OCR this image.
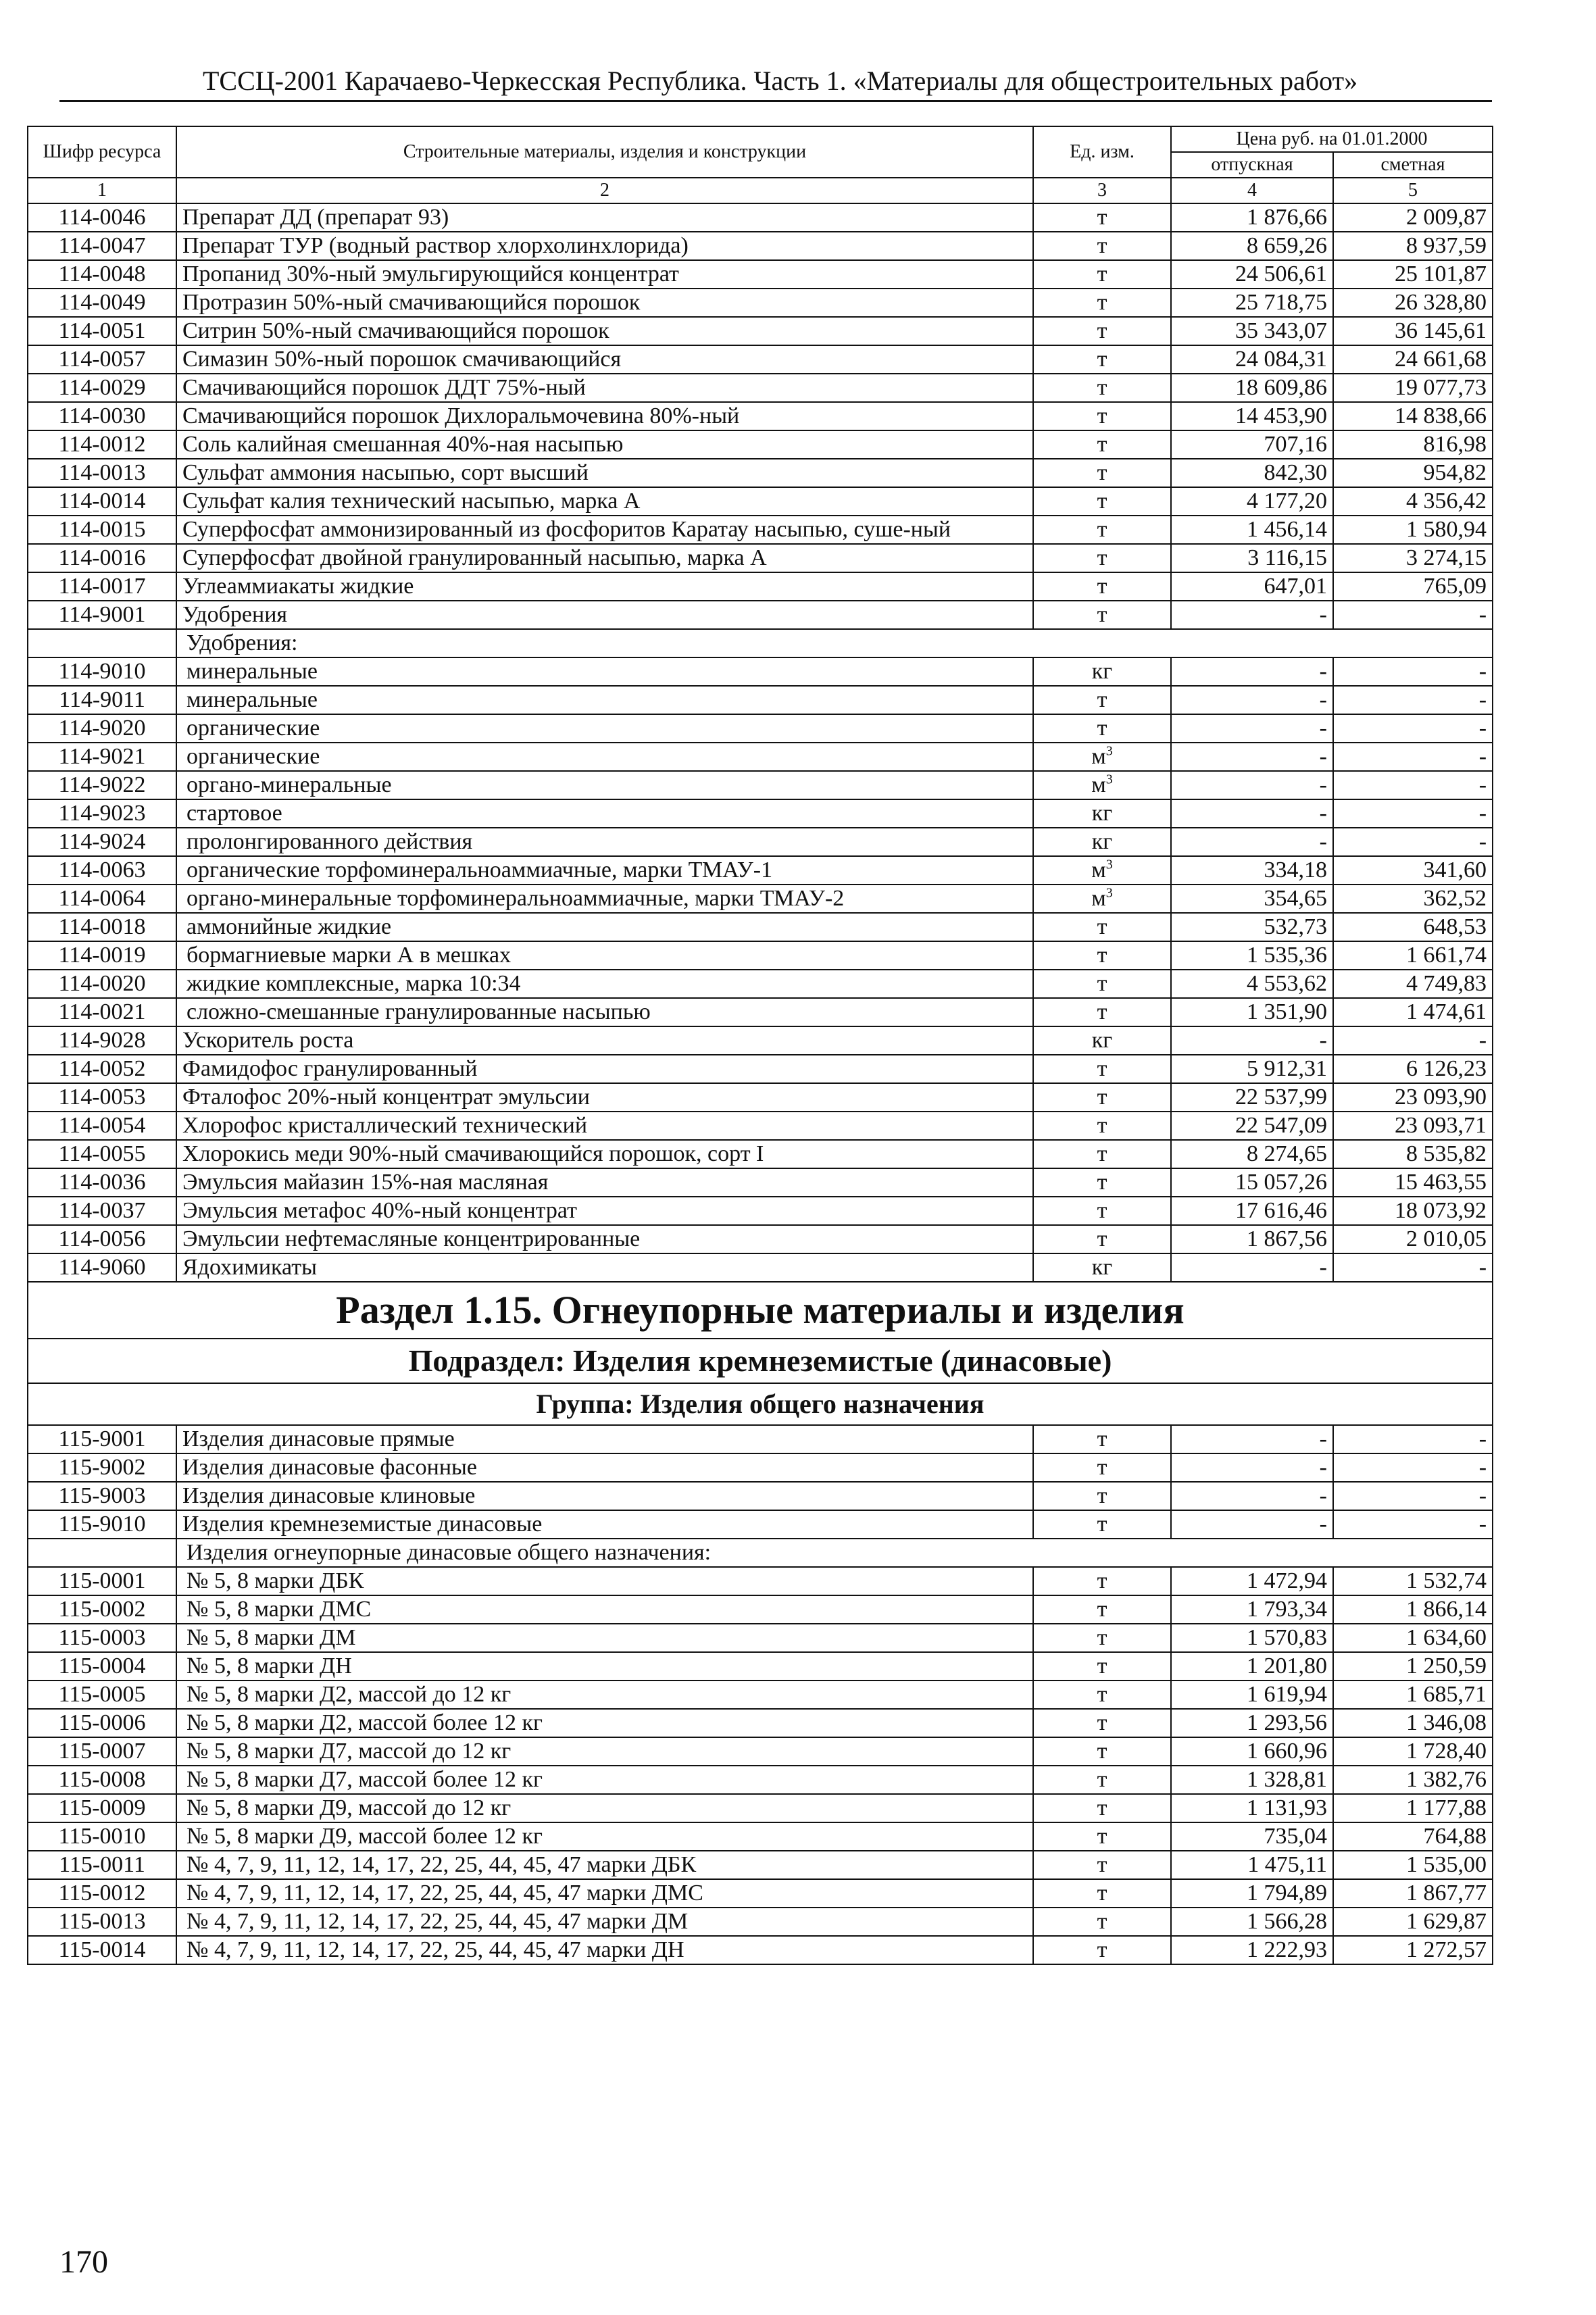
ТССЦ-2001 Карачаево-Черкесская Республика. Часть 1. «Материалы для общестроительных работ»
Шифр ресурса	Строительные материалы, изделия и конструкции	Ед. изм.	Цена руб. на 01.01.2000	
			отпускная	сметная
1	2	3	4	5
114-0046	Препарат ДД (препарат 93)	т	1 876,66	2 009,87
114-0047	Препарат ТУР (водный раствор хлорхолинхлорида)	т	8 659,26	8 937,59
114-0048	Пропанид 30%-ный эмульгирующийся концентрат	т	24 506,61	25 101,87
114-0049	Протразин 50%-ный смачивающийся порошок	т	25 718,75	26 328,80
114-0051	Ситрин 50%-ный смачивающийся порошок	т	35 343,07	36 145,61
114-0057	Симазин 50%-ный порошок смачивающийся	т	24 084,31	24 661,68
114-0029	Смачивающийся порошок ДДТ 75%-ный	т	18 609,86	19 077,73
114-0030	Смачивающийся порошок Дихлоральмочевина 80%-ный	т	14 453,90	14 838,66
114-0012	Соль калийная смешанная 40%-ная насыпью	т	707,16	816,98
114-0013	Сульфат аммония насыпью, сорт высший	т	842,30	954,82
114-0014	Сульфат калия технический насыпью, марка А	т	4 177,20	4 356,42
114-0015	Суперфосфат аммонизированный из фосфоритов Каратау насыпью, суше-ный	т	1 456,14	1 580,94
114-0016	Суперфосфат двойной гранулированный насыпью, марка А	т	3 116,15	3 274,15
114-0017	Углеаммиакаты жидкие	т	647,01	765,09
114-9001	Удобрения	т	-	-
	Удобрения:			
114-9010	минеральные	кг	-	-
114-9011	минеральные	т	-	-
114-9020	органические	т	-	-
114-9021	органические	$м^3$	-	-
114-9022	органо-минеральные	$м^3$	-	-
114-9023	стартовое	кг	-	-
114-9024	пролонгированного действия	кг	-	-
114-0063	органические торфоминеральноаммиачные, марки ТМАУ-1	$м^3$	334,18	341,60
114-0064	органо-минеральные торфоминеральноаммиачные, марки ТМАУ-2	$м^3$	354,65	362,52
114-0018	аммонийные жидкие	т	532,73	648,53
114-0019	бормагниевые марки А в мешках	т	1 535,36	1 661,74
114-0020	жидкие комплексные, марка 10:34	т	4 553,62	4 749,83
114-0021	сложно-смешанные гранулированные насыпью	т	1 351,90	1 474,61
114-9028	Ускоритель роста	кг	-	-
114-0052	Фамидофос гранулированный	т	5 912,31	6 126,23
114-0053	Фталофос 20%-ный концентрат эмульсии	т	22 537,99	23 093,90
114-0054	Хлорофос кристаллический технический	т	22 547,09	23 093,71
114-0055	Хлорокись меди 90%-ный смачивающийся порошок, сорт I	т	8 274,65	8 535,82
114-0036	Эмульсия майазин 15%-ная масляная	т	15 057,26	15 463,55
114-0037	Эмульсия метафос 40%-ный концентрат	т	17 616,46	18 073,92
114-0056	Эмульсии нефтемасляные концентрированные	т	1 867,56	2 010,05
114-9060	Ядохимикаты	кг	-	-
Раздел 1.15. Огнеупорные материалы и изделия				
Подраздел: Изделия кремнеземистые (динасовые)				
Группа: Изделия общего назначения				
115-9001	Изделия динасовые прямые	т	-	-
115-9002	Изделия динасовые фасонные	т	-	-
115-9003	Изделия динасовые клиновые	т	-	-
115-9010	Изделия кремнеземистые динасовые	т	-	-
	Изделия огнеупорные динасовые общего назначения:			
115-0001	№ 5, 8 марки ДБК	т	1 472,94	1 532,74
115-0002	№ 5, 8 марки ДМС	т	1 793,34	1 866,14
115-0003	№ 5, 8 марки ДМ	т	1 570,83	1 634,60
115-0004	№ 5, 8 марки ДН	т	1 201,80	1 250,59
115-0005	№ 5, 8 марки Д2, массой до 12 кг	т	1 619,94	1 685,71
115-0006	№ 5, 8 марки Д2, массой более 12 кг	т	1 293,56	1 346,08
115-0007	№ 5, 8 марки Д7, массой до 12 кг	т	1 660,96	1 728,40
115-0008	№ 5, 8 марки Д7, массой более 12 кг	т	1 328,81	1 382,76
115-0009	№ 5, 8 марки Д9, массой до 12 кг	т	1 131,93	1 177,88
115-0010	№ 5, 8 марки Д9, массой более 12 кг	т	735,04	764,88
115-0011	№ 4, 7, 9, 11, 12, 14, 17, 22, 25, 44, 45, 47 марки ДБК	т	1 475,11	1 535,00
115-0012	№ 4, 7, 9, 11, 12, 14, 17, 22, 25, 44, 45, 47 марки ДМС	т	1 794,89	1 867,77
115-0013	№ 4, 7, 9, 11, 12, 14, 17, 22, 25, 44, 45, 47 марки ДМ	т	1 566,28	1 629,87
115-0014	№ 4, 7, 9, 11, 12, 14, 17, 22, 25, 44, 45, 47 марки ДН	т	1 222,93	1 272,57
170
